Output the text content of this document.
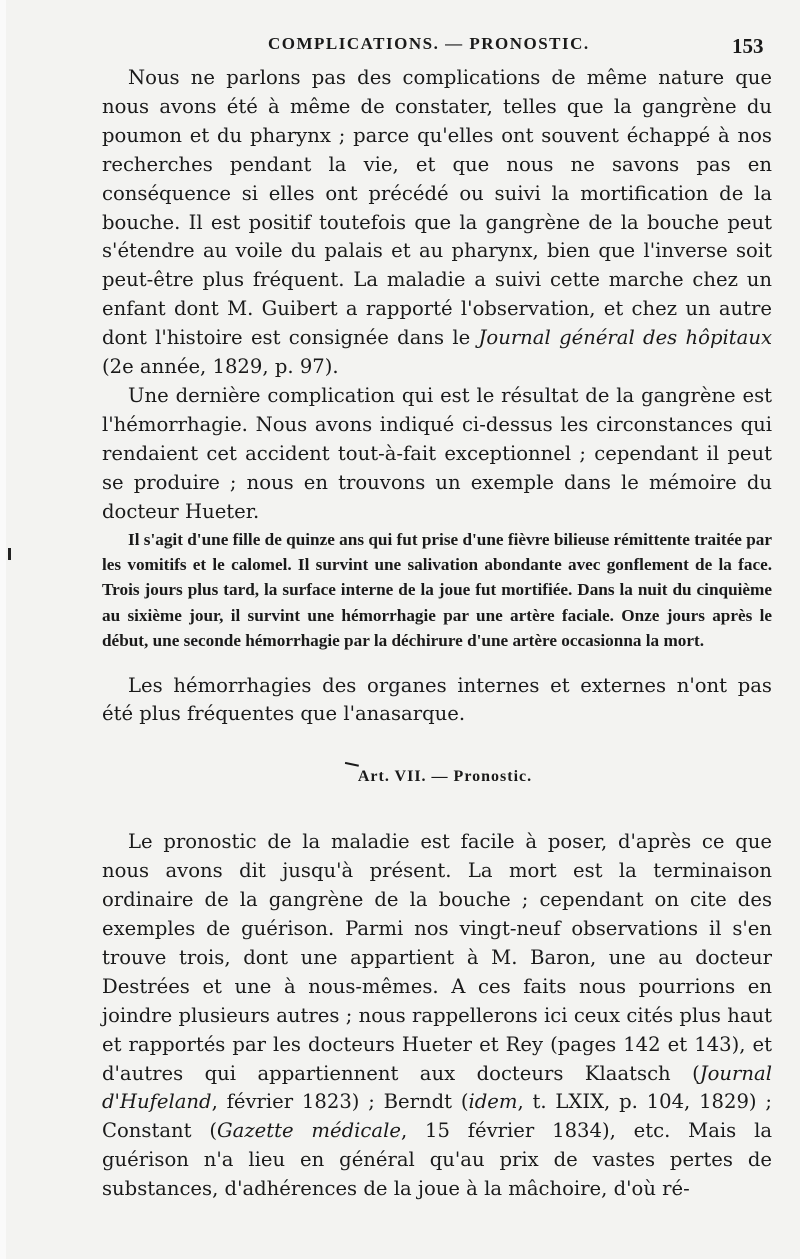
COMPLICATIONS. — PRONOSTIC.	153

Nous ne parlons pas des complications de même nature que nous avons été à même de constater, telles que la gangrène du poumon et du pharynx ; parce qu'elles ont souvent échappé à nos recherches pendant la vie, et que nous ne savons pas en conséquence si elles ont précédé ou suivi la mortification de la bouche. Il est positif toutefois que la gangrène de la bouche peut s'étendre au voile du palais et au pharynx, bien que l'inverse soit peut-être plus fréquent. La maladie a suivi cette marche chez un enfant dont M. Guibert a rapporté l'observation, et chez un autre dont l'histoire est consignée dans le Journal général des hôpitaux (2e année, 1829, p. 97).

Une dernière complication qui est le résultat de la gangrène est l'hémorrhagie. Nous avons indiqué ci-dessus les circonstances qui rendaient cet accident tout-à-fait exceptionnel ; cependant il peut se produire ; nous en trouvons un exemple dans le mémoire du docteur Hueter.

Il s'agit d'une fille de quinze ans qui fut prise d'une fièvre bilieuse rémittente traitée par les vomitifs et le calomel. Il survint une salivation abondante avec gonflement de la face. Trois jours plus tard, la surface interne de la joue fut mortifiée. Dans la nuit du cinquième au sixième jour, il survint une hémorrhagie par une artère faciale. Onze jours après le début, une seconde hémorrhagie par la déchirure d'une artère occasionna la mort.

Les hémorrhagies des organes internes et externes n'ont pas été plus fréquentes que l'anasarque.

Art. VII. — Pronostic.

Le pronostic de la maladie est facile à poser, d'après ce que nous avons dit jusqu'à présent. La mort est la terminaison ordinaire de la gangrène de la bouche ; cependant on cite des exemples de guérison. Parmi nos vingt-neuf observations il s'en trouve trois, dont une appartient à M. Baron, une au docteur Destrées et une à nous-mêmes. A ces faits nous pourrions en joindre plusieurs autres ; nous rappellerons ici ceux cités plus haut et rapportés par les docteurs Hueter et Rey (pages 142 et 143), et d'autres qui appartiennent aux docteurs Klaatsch (Journal d'Hufeland, février 1823) ; Berndt (idem, t. LXIX, p. 104, 1829) ; Constant (Gazette médicale, 15 février 1834), etc. Mais la guérison n'a lieu en général qu'au prix de vastes pertes de substances, d'adhérences de la joue à la mâchoire, d'où ré-
